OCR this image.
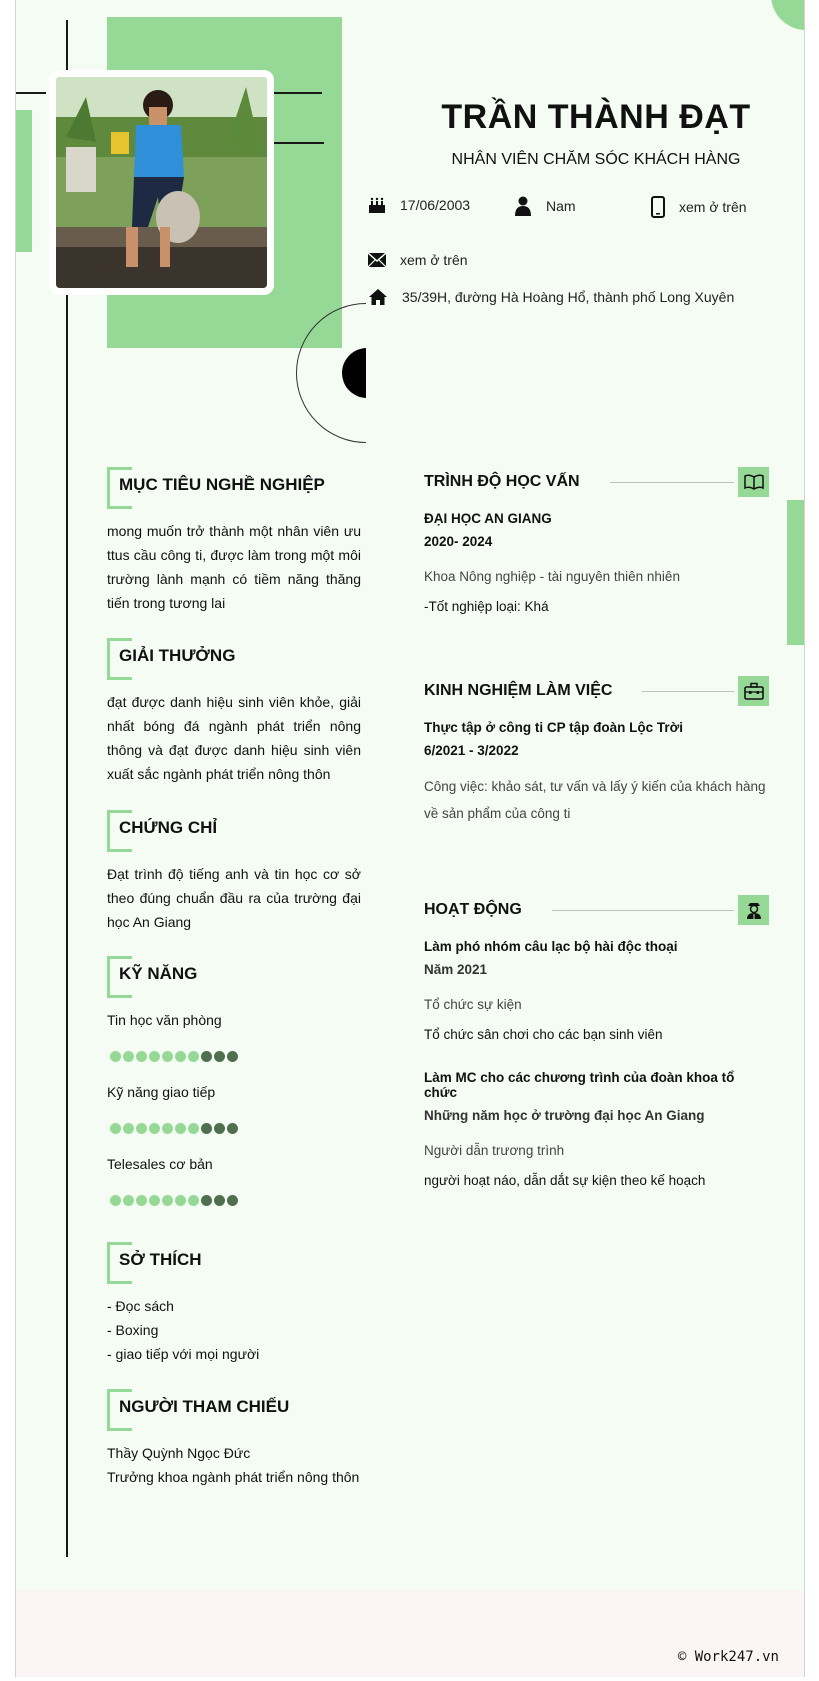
TRẦN THÀNH ĐẠT
NHÂN VIÊN CHĂM SÓC KHÁCH HÀNG
17/06/2003	Nam	xem ở trên
xem ở trên
35/39H, đường Hà Hoàng Hổ, thành phố Long Xuyên
MỤC TIÊU NGHỀ NGHIỆP
mong muốn trở thành một nhân viên ưu ttus cầu công ti, được làm trong một môi trường lành mạnh có tiềm năng thăng tiến trong tương lai
GIẢI THƯỞNG
đạt được danh hiệu sinh viên khỏe, giải nhất bóng đá ngành phát triển nông thông và đạt được danh hiệu sinh viên xuất sắc ngành phát triển nông thôn
CHỨNG CHỈ
Đạt trình độ tiếng anh và tin học cơ sở theo đúng chuẩn đầu ra của trường đại học An Giang
KỸ NĂNG
Tin học văn phòng
Kỹ năng giao tiếp
Telesales cơ bản
SỞ THÍCH
- Đọc sách
- Boxing
- giao tiếp với mọi người
NGƯỜI THAM CHIẾU
Thầy Quỳnh Ngọc Đức
Trưởng khoa ngành phát triển nông thôn
TRÌNH ĐỘ HỌC VẤN
ĐẠI HỌC AN GIANG
2020- 2024
Khoa Nông nghiệp - tài nguyên thiên nhiên
-Tốt nghiệp loại: Khá
KINH NGHIỆM LÀM VIỆC
Thực tập ở công ti CP tập đoàn Lộc Trời
6/2021 - 3/2022
Công việc: khảo sát, tư vấn và lấy ý kiến của khách hàng về sản phẩm của công ti
HOẠT ĐỘNG
Làm phó nhóm câu lạc bộ hài độc thoại
Năm 2021
Tổ chức sự kiện
Tổ chức sân chơi cho các bạn sinh viên
Làm MC cho các chương trình của đoàn khoa tổ chức
Những năm học ở trường đại học An Giang
Người dẫn trương trình
người hoạt náo, dẫn dắt sự kiện theo kế hoạch
© Work247.vn
